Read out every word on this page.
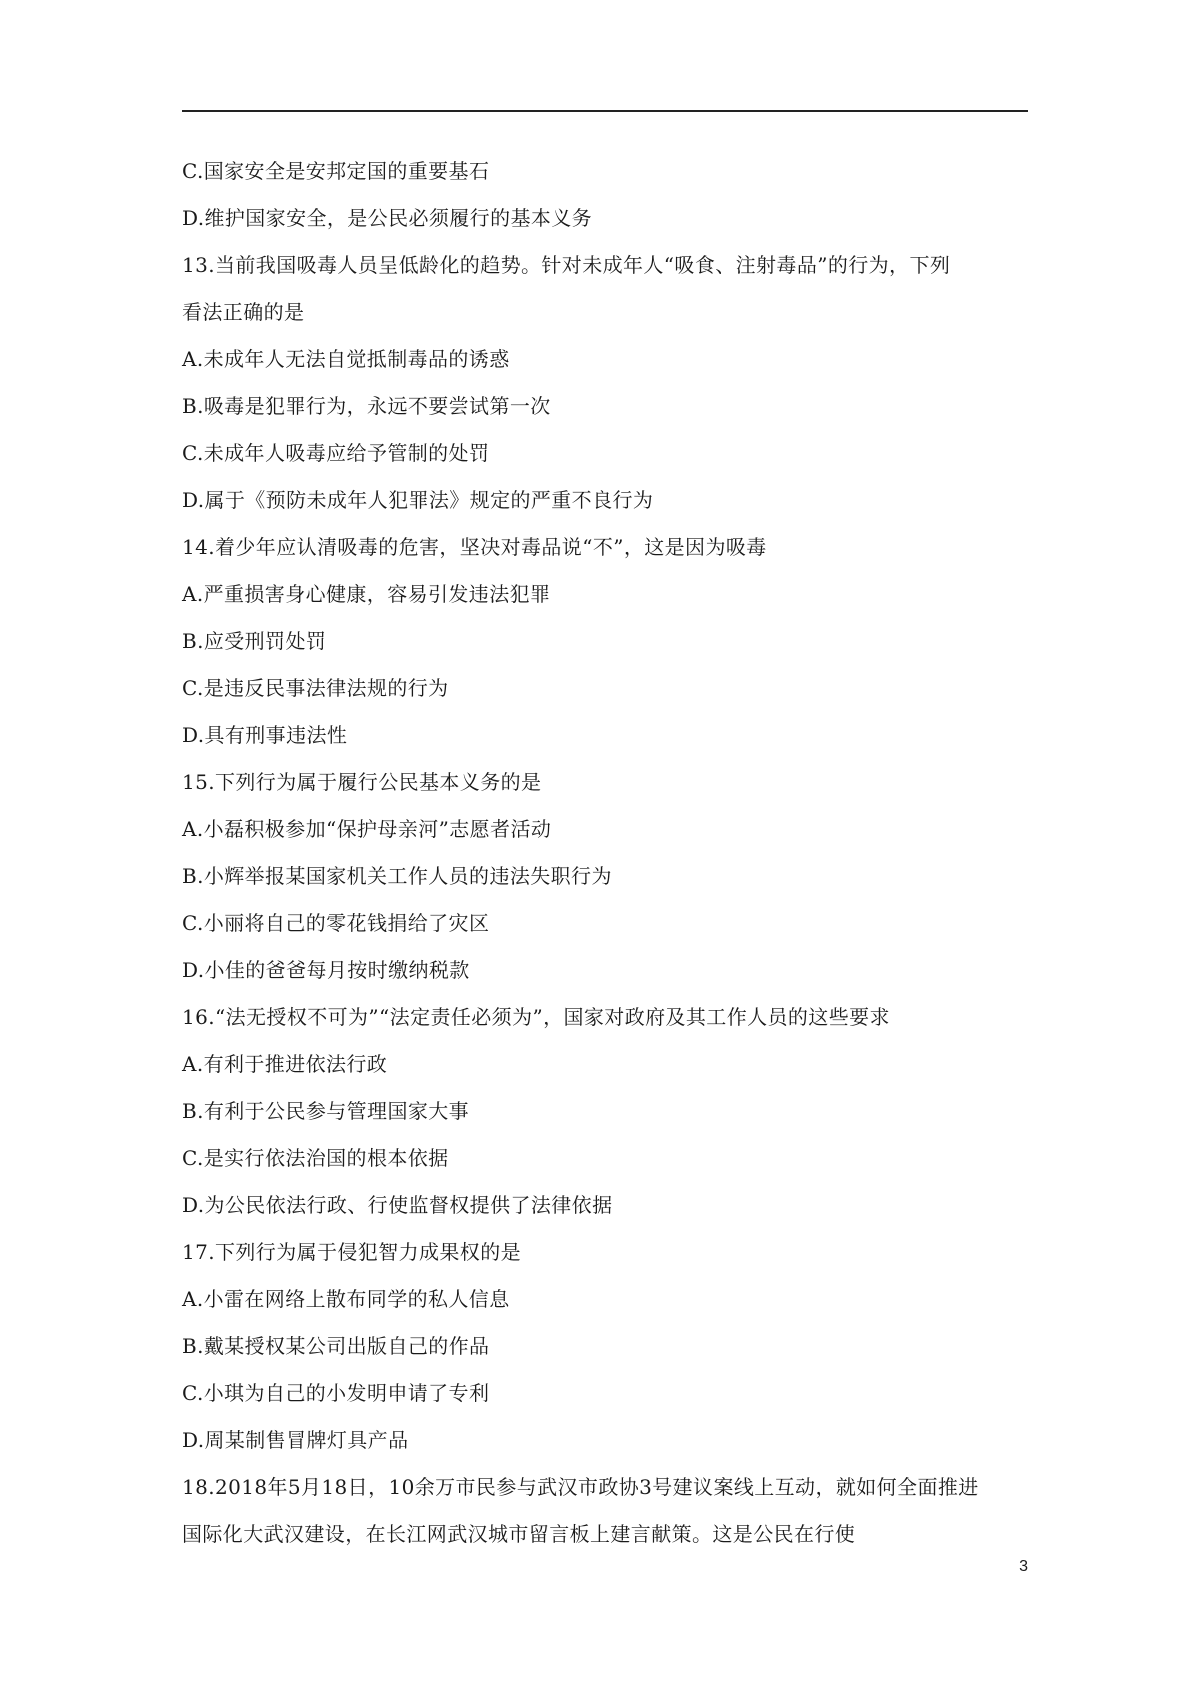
C.国家安全是安邦定国的重要基石
D.维护国家安全，是公民必须履行的基本义务
13.当前我国吸毒人员呈低龄化的趋势。针对未成年人“吸食、注射毒品”的行为，下列
看法正确的是
A.未成年人无法自觉抵制毒品的诱惑
B.吸毒是犯罪行为，永远不要尝试第一次
C.未成年人吸毒应给予管制的处罚
D.属于《预防未成年人犯罪法》规定的严重不良行为
14.着少年应认清吸毒的危害，坚决对毒品说“不”，这是因为吸毒
A.严重损害身心健康，容易引发违法犯罪
B.应受刑罚处罚
C.是违反民事法律法规的行为
D.具有刑事违法性
15.下列行为属于履行公民基本义务的是
A.小磊积极参加“保护母亲河”志愿者活动
B.小辉举报某国家机关工作人员的违法失职行为
C.小丽将自己的零花钱捐给了灾区
D.小佳的爸爸每月按时缴纳税款
16.“法无授权不可为”“法定责任必须为”，国家对政府及其工作人员的这些要求
A.有利于推进依法行政
B.有利于公民参与管理国家大事
C.是实行依法治国的根本依据
D.为公民依法行政、行使监督权提供了法律依据
17.下列行为属于侵犯智力成果权的是
A.小雷在网络上散布同学的私人信息
B.戴某授权某公司出版自己的作品
C.小琪为自己的小发明申请了专利
D.周某制售冒牌灯具产品
18.2018年5月18日，10余万市民参与武汉市政协3号建议案线上互动，就如何全面推进
国际化大武汉建设，在长江网武汉城市留言板上建言献策。这是公民在行使
3
